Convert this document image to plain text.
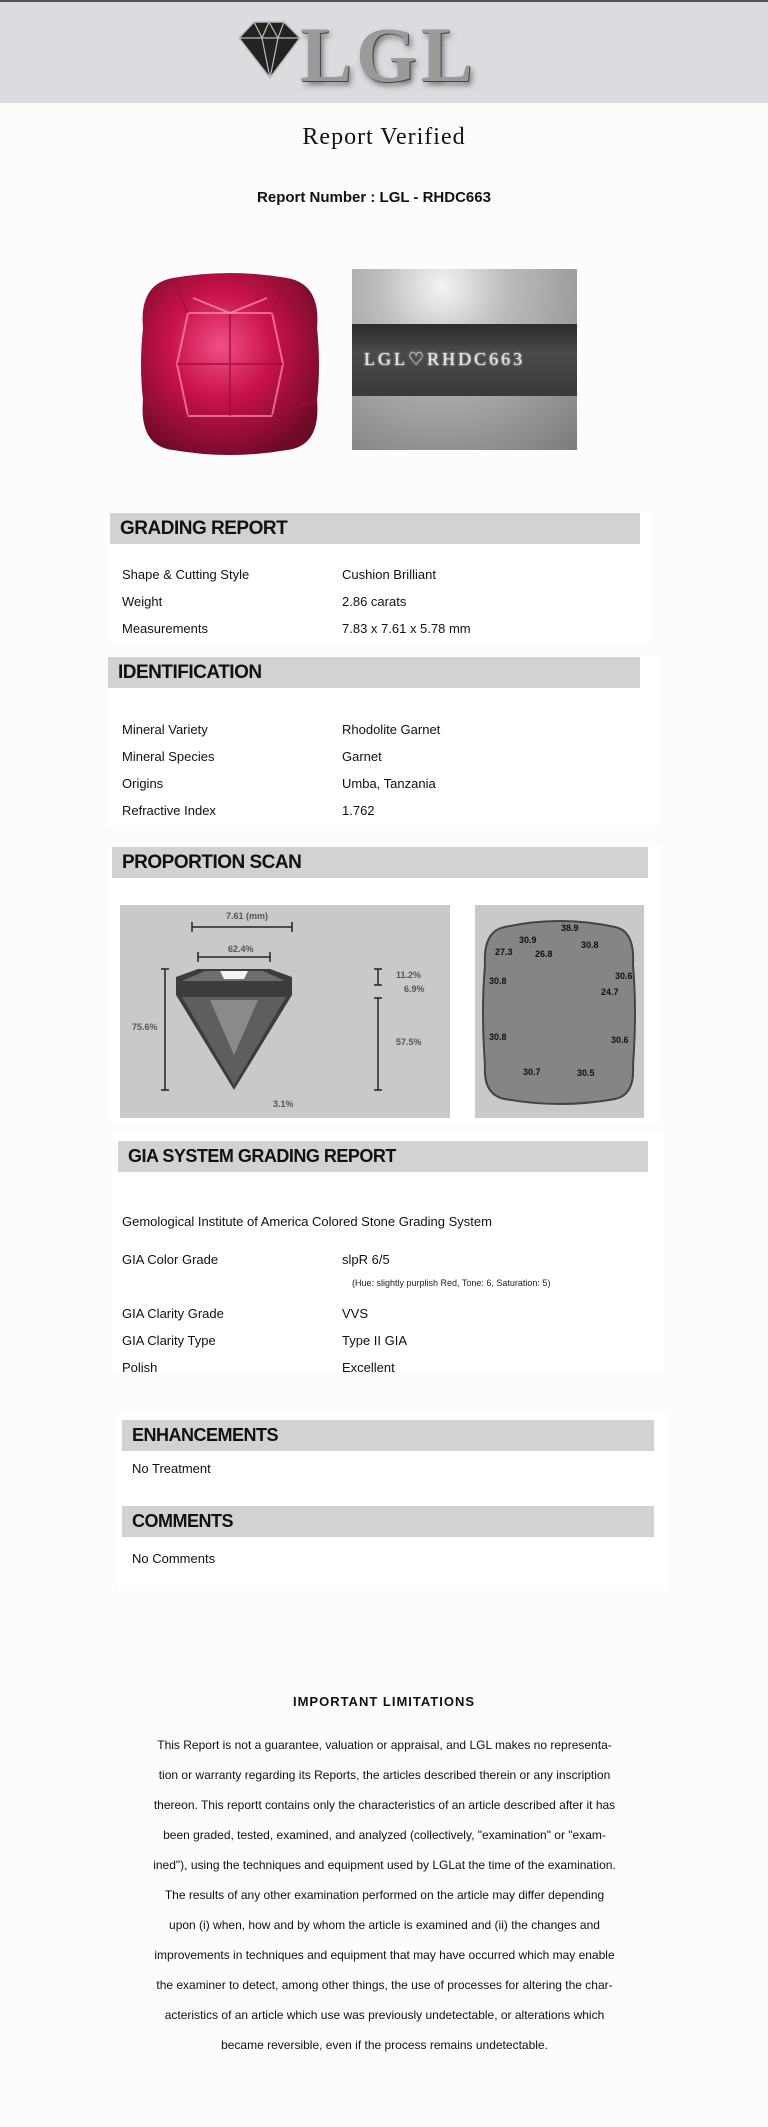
LGL
Report Verified
Report Number : LGL - RHDC663
LGL♡RHDC663
GRADING REPORT
Shape & Cutting Style	Cushion Brilliant
Weight	2.86 carats
Measurements	7.83 x 7.61 x 5.78 mm
IDENTIFICATION
Mineral Variety	Rhodolite Garnet
Mineral Species	Garnet
Origins	Umba, Tanzania
Refractive Index	1.762
PROPORTION SCAN
7.61 (mm)
62.4%
11.2%
6.9%
75.6%
57.5%
3.1%
38.9
30.9	30.8
27.3 26.8
30.8	30.6
24.7
30.8	30.6
30.7	30.5
GIA SYSTEM GRADING REPORT
Gemological Institute of America Colored Stone Grading System
GIA Color Grade	slpR 6/5
(Hue: slightly purplish Red, Tone: 6, Saturation: 5)
GIA Clarity Grade	VVS
GIA Clarity Type	Type II GIA
Polish	Excellent
ENHANCEMENTS
No Treatment
COMMENTS
No Comments
IMPORTANT LIMITATIONS
This Report is not a guarantee, valuation or appraisal, and LGL makes no representa-
tion or warranty regarding its Reports, the articles described therein or any inscription
thereon. This reportt contains only the characteristics of an article described after it has
been graded, tested, examined, and analyzed (collectively, "examination" or "exam-
ined"), using the techniques and equipment used by LGLat the time of the examination.
The results of any other examination performed on the article may differ depending
upon (i) when, how and by whom the article is examined and (ii) the changes and
improvements in techniques and equipment that may have occurred which may enable
the examiner to detect, among other things, the use of processes for altering the char-
acteristics of an article which use was previously undetectable, or alterations which
became reversible, even if the process remains undetectable.
